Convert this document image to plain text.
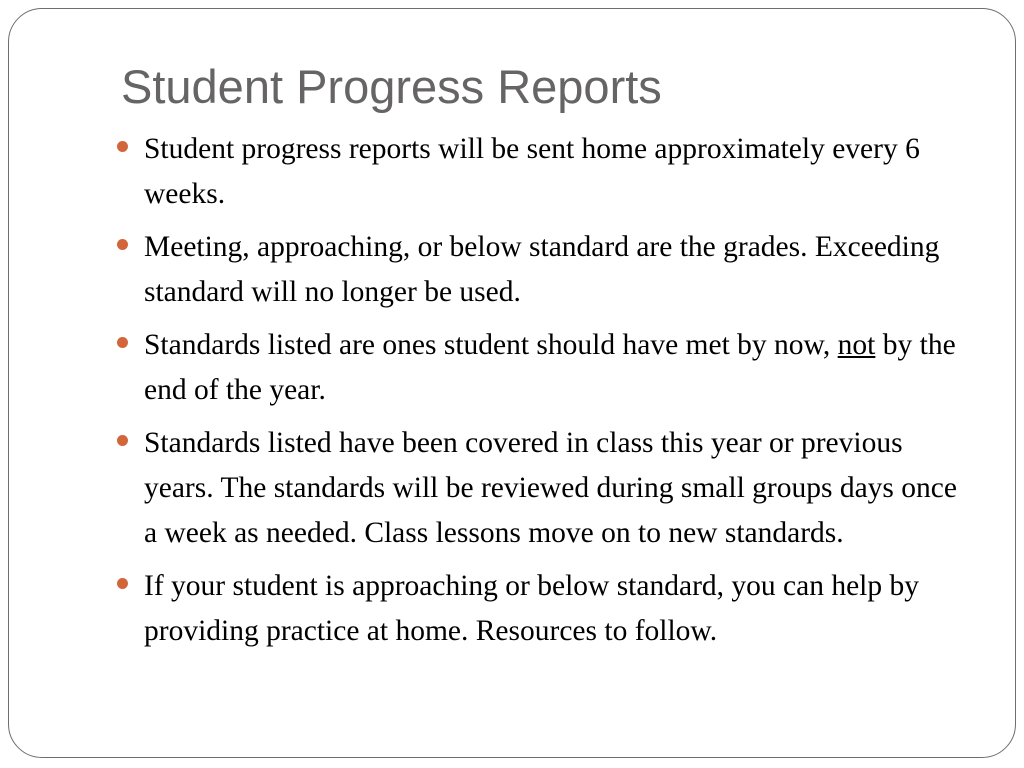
Student Progress Reports
Student progress reports will be sent home approximately every 6 weeks.
Meeting, approaching, or below standard are the grades. Exceeding standard will no longer be used.
Standards listed are ones student should have met by now, not by the end of the year.
Standards listed have been covered in class this year or previous years. The standards will be reviewed during small groups days once a week as needed. Class lessons move on to new standards.
If your student is approaching or below standard, you can help by providing practice at home. Resources to follow.
